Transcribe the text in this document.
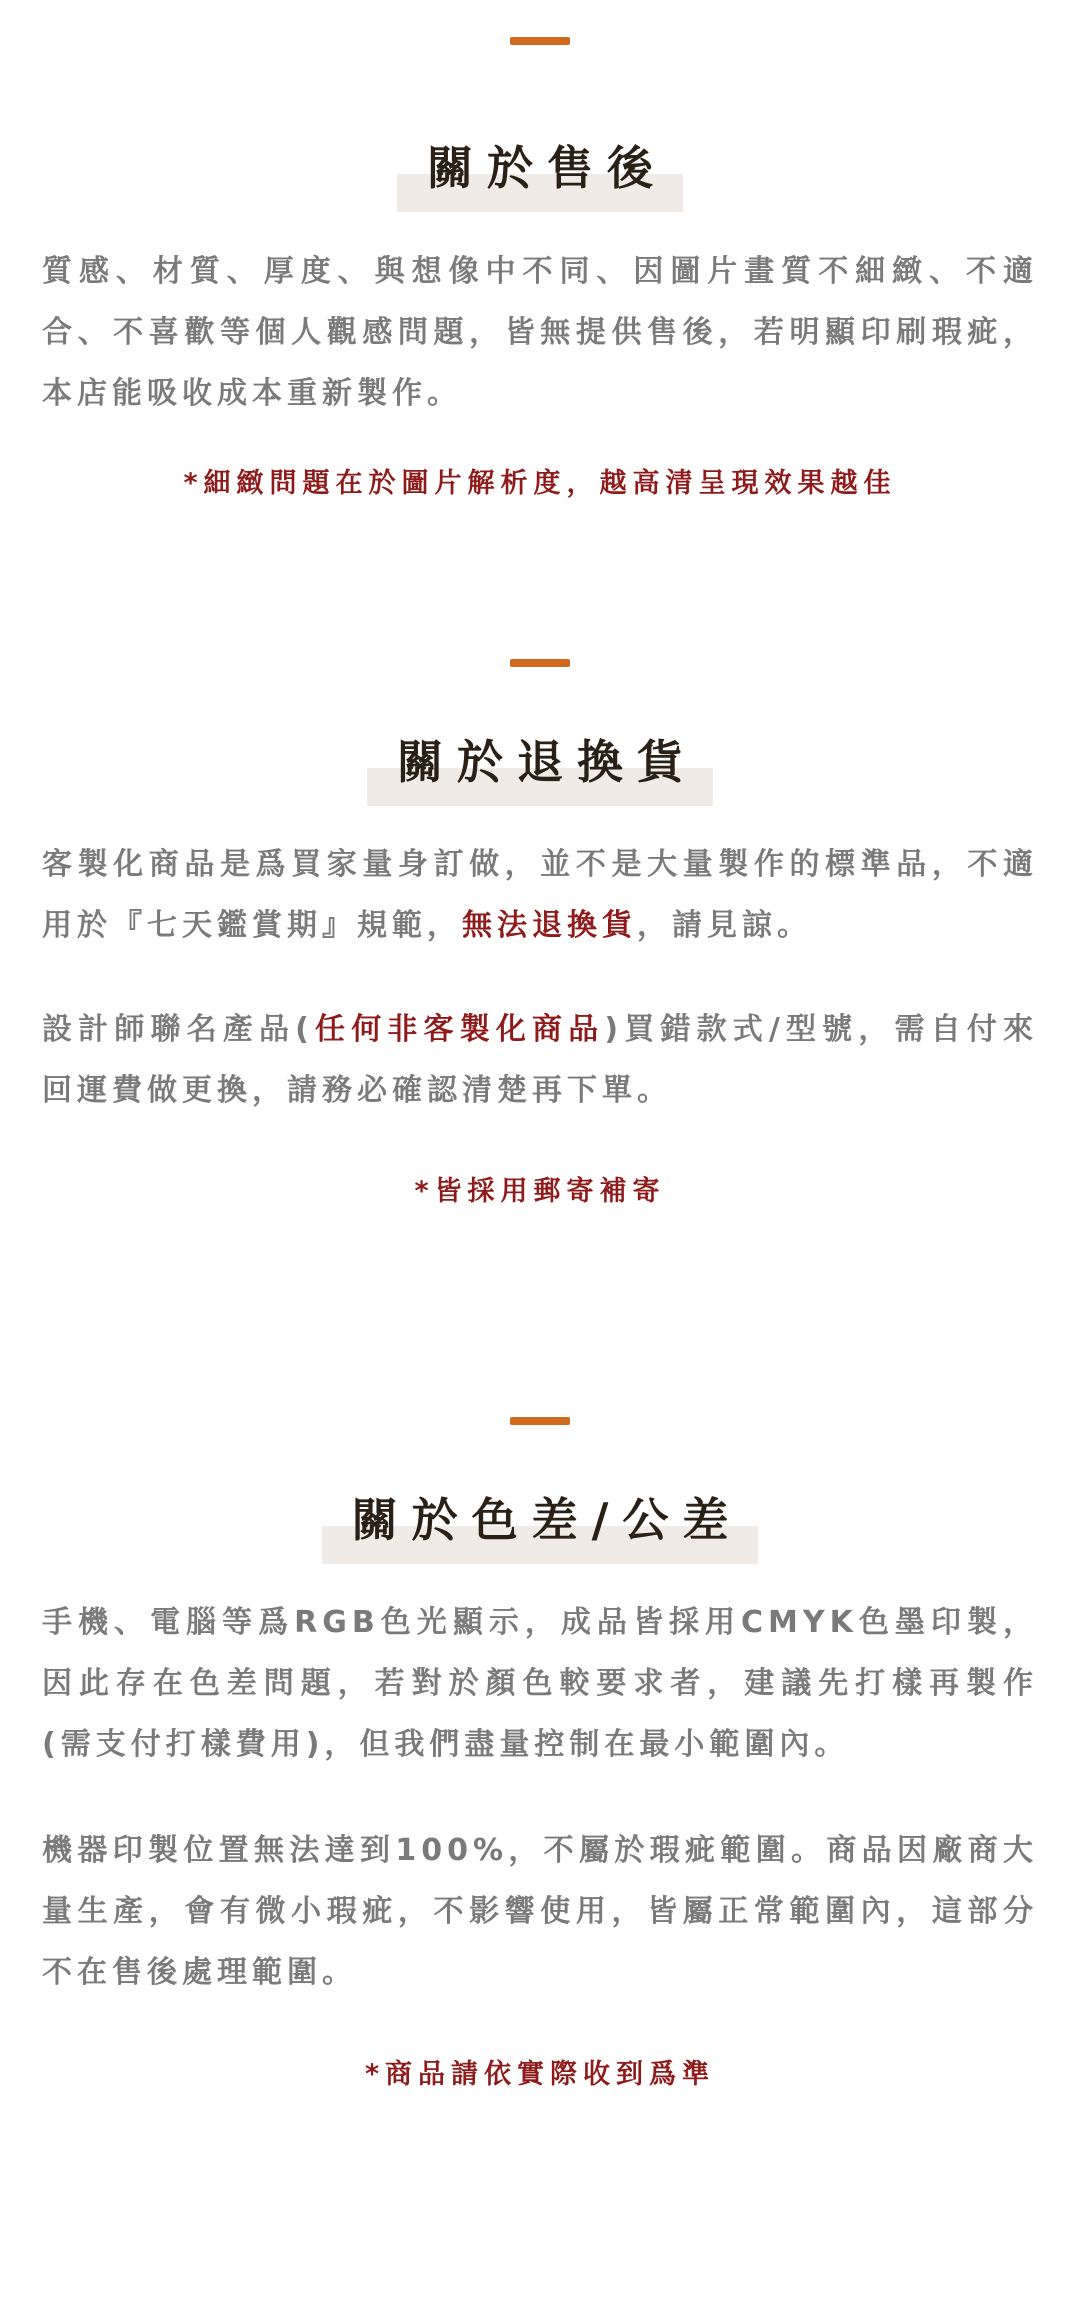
關於售後

質感、材質、厚度、與想像中不同、因圖片畫質不細緻、不適合、不喜歡等個人觀感問題，皆無提供售後，若明顯印刷瑕疵，本店能吸收成本重新製作。

*細緻問題在於圖片解析度，越高清呈現效果越佳
關於退換貨

客製化商品是爲買家量身訂做，並不是大量製作的標準品，不適用於『七天鑑賞期』規範，無法退換貨，請見諒。

設計師聯名產品(任何非客製化商品)買錯款式/型號，需自付來回運費做更換，請務必確認清楚再下單。

*皆採用郵寄補寄
關於色差/公差

手機、電腦等爲RGB色光顯示，成品皆採用CMYK色墨印製，因此存在色差問題，若對於顏色較要求者，建議先打樣再製作 (需支付打樣費用)，但我們盡量控制在最小範圍內。

機器印製位置無法達到100%，不屬於瑕疵範圍。商品因廠商大量生產，會有微小瑕疵，不影響使用，皆屬正常範圍內，這部分不在售後處理範圍。

*商品請依實際收到爲準
